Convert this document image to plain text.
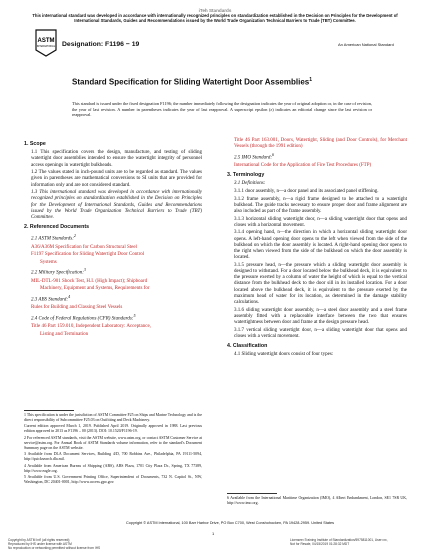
iTeh Standards
This international standard was developed in accordance with internationally recognized principles on standardization established in the Decision on Principles for the Development of International Standards, Guides and Recommendations issued by the World Trade Organization Technical Barriers to Trade (TBT) Committee.
ASTM
INTERNATIONAL Designation: F1196 − 19	An American National Standard
Standard Specification for Sliding Watertight Door Assemblies$^1$
This standard is issued under the fixed designation F1196; the number immediately following the designation indicates the year of original adoption or, in the case of revision, the year of last revision. A number in parentheses indicates the year of last reapproval. A superscript epsilon (ε) indicates an editorial change since the last revision or reapproval.

1. Scope

1.1 This specification covers the design, manufacture, and testing of sliding watertight door assemblies intended to ensure the watertight integrity of personnel access openings in watertight bulkheads.

1.2 The values stated in inch-pound units are to be regarded as standard. The values given in parentheses are mathematical conversions to SI units that are provided for information only and are not considered standard.

1.3 This international standard was developed in accordance with internationally recognized principles on standardization established in the Decision on Principles for the Development of International Standards, Guides and Recommendations issued by the World Trade Organization Technical Barriers to Trade (TBT) Committee.

2. Referenced Documents

2.1 ASTM Standards:$^2$

A36/A36M Specification for Carbon Structural Steel

F1197 Specification for Sliding Watertight Door Control

Systems

2.2 Military Specification:$^3$

MIL-DTL-901 Shock Test, H.I. (High Impact); Shipboard

Machinery, Equipment and Systems, Requirements for

2.3 ABS Standard:$^4$

Rules for Building and Classing Steel Vessels

2.4 Code of Federal Regulations (CFR) Standards:$^5$

Title 46 Part 159.010, Independent Laboratory: Acceptance,

Listing and Termination

Title 46 Part 163.001, Doors, Watertight, Sliding (and Door Controls), for Merchant Vessels (through the 1991 edition)

2.5 IMO Standard:$^6$

International Code for the Application of Fire Test Procedures (FTP)

3. Terminology

3.1 Definitions:

3.1.1 door assembly, n—a door panel and its associated panel stiffening.

3.1.2 frame assembly, n—a rigid frame designed to be attached to a watertight bulkhead. The guide tracks necessary to ensure proper door and frame alignment are also included as part of the frame assembly.

3.1.3 horizontal sliding watertight door, n—a sliding watertight door that opens and closes with a horizontal movement.

3.1.4 opening hand, n—the direction in which a horizontal sliding watertight door opens. A left-hand opening door opens to the left when viewed from the side of the bulkhead on which the door assembly is located. A right-hand opening door opens to the right when viewed from the side of the bulkhead on which the door assembly is located.

3.1.5 pressure head, n—the pressure which a sliding watertight door assembly is designed to withstand. For a door located below the bulkhead deck, it is equivalent to the pressure exerted by a column of water the height of which is equal to the vertical distance from the bulkhead deck to the door sill in its installed location. For a door located above the bulkhead deck, it is equivalent to the pressure exerted by the maximum head of water for its location, as determined in the damage stability calculations.

3.1.6 sliding watertight door assembly, n—a steel door assembly and a steel frame assembly fitted with a replaceable interface between the two that ensures watertightness between door and frame at the design pressure head.

3.1.7 vertical sliding watertight door, n—a sliding watertight door that opens and closes with a vertical movement.

4. Classification

4.1 Sliding watertight doors consist of four types:

1 This specification is under the jurisdiction of ASTM Committee F25 on Ships and Marine Technology and is the direct responsibility of Subcommittee F25.03 on Outfitting and Deck Machinery.

Current edition approved March 1, 2019. Published April 2019. Originally approved in 1988. Last previous edition approved in 2013 as F1196 – 00 (2013). DOI: 10.1520/F1196-19.

2 For referenced ASTM standards, visit the ASTM website, www.astm.org, or contact ASTM Customer Service at service@astm.org. For Annual Book of ASTM Standards volume information, refer to the standard's Document Summary page on the ASTM website.

3 Available from DLA Document Services, Building 4/D, 700 Robbins Ave., Philadelphia, PA 19111-5094, http://quicksearch.dla.mil.

4 Available from American Bureau of Shipping (ABS), ABS Plaza, 1701 City Plaza Dr., Spring, TX 77389, http://www.eagle.org.

5 Available from U.S. Government Printing Office, Superintendent of Documents, 732 N. Capitol St., NW, Washington, DC 20401-0001, http://www.access.gpo.gov.

6 Available from the International Maritime Organization (IMO), 4 Albert Embankment, London, SE1 7SR UK, http://www.imo.org.

Copyright © ASTM International, 100 Barr Harbor Drive, PO Box C700, West Conshohocken, PA 19428-2959. United States
1
Copyright by ASTM Int'l (all rights reserved);
Reproduced by IHS under license with ASTM
No reproduction or networking permitted without license from IHS
Licensee=Training Institute of Standardization/5975811001, User=xx,
Not for Resale, 04/15/2019 01:28:32 MDT
